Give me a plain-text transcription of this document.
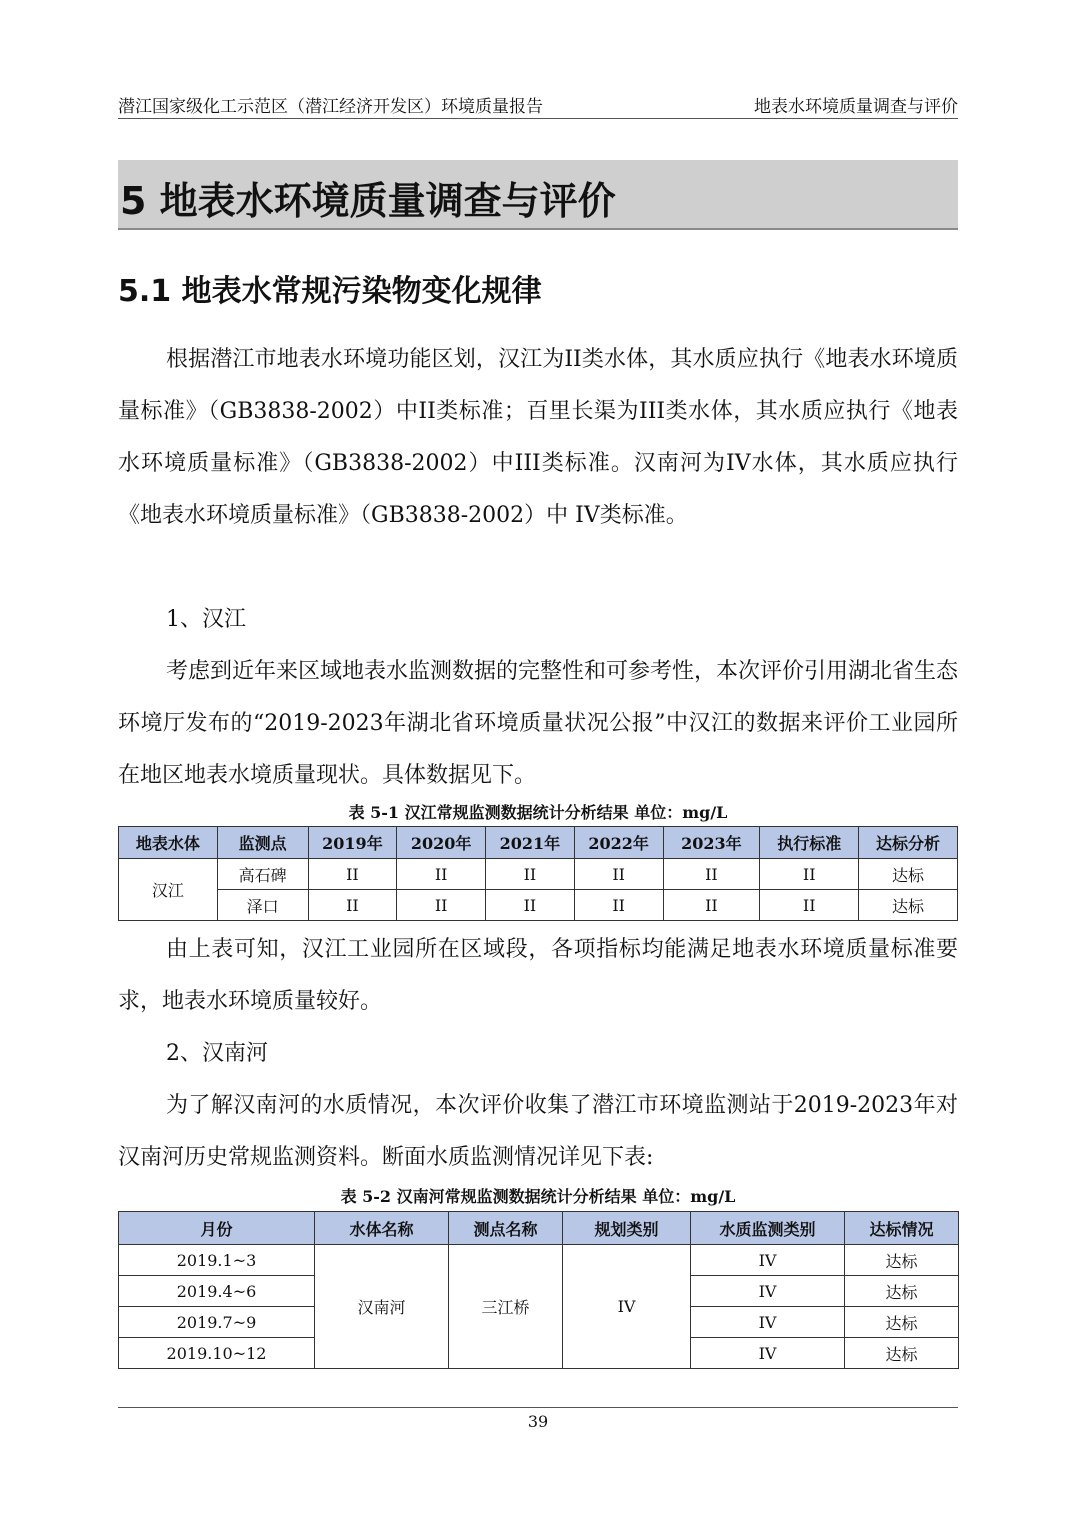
潜江国家级化工示范区（潜江经济开发区）环境质量报告	地表水环境质量调查与评价
5 地表水环境质量调查与评价
5.1 地表水常规污染物变化规律

根据潜江市地表水环境功能区划，汉江为II类水体，其水质应执行《地表水环境质量标准》（GB3838-2002）中II类标准；百里长渠为III类水体，其水质应执行《地表水环境质量标准》（GB3838-2002）中III类标准。汉南河为IV水体，其水质应执行《地表水环境质量标准》（GB3838-2002）中 IV类标准。

1、汉江

考虑到近年来区域地表水监测数据的完整性和可参考性，本次评价引用湖北省生态环境厅发布的“2019-2023年湖北省环境质量状况公报”中汉江的数据来评价工业园所在地区地表水境质量现状。具体数据见下。

表 5-1 汉江常规监测数据统计分析结果 单位：mg/L
地表水体	监测点	2019年	2020年	2021年	2022年	2023年	执行标准	达标分析
汉江	高石碑	II	II	II	II	II	II	达标
	泽口	II	II	II	II	II	II	达标

由上表可知，汉江工业园所在区域段，各项指标均能满足地表水环境质量标准要求，地表水环境质量较好。

2、汉南河

为了解汉南河的水质情况，本次评价收集了潜江市环境监测站于2019-2023年对汉南河历史常规监测资料。断面水质监测情况详见下表:

表 5-2 汉南河常规监测数据统计分析结果 单位：mg/L
月份	水体名称	测点名称	规划类别	水质监测类别	达标情况
2019.1~3	汉南河	三江桥	IV	IV	达标
2019.4~6				IV	达标
2019.7~9				IV	达标
2019.10~12				IV	达标
39
